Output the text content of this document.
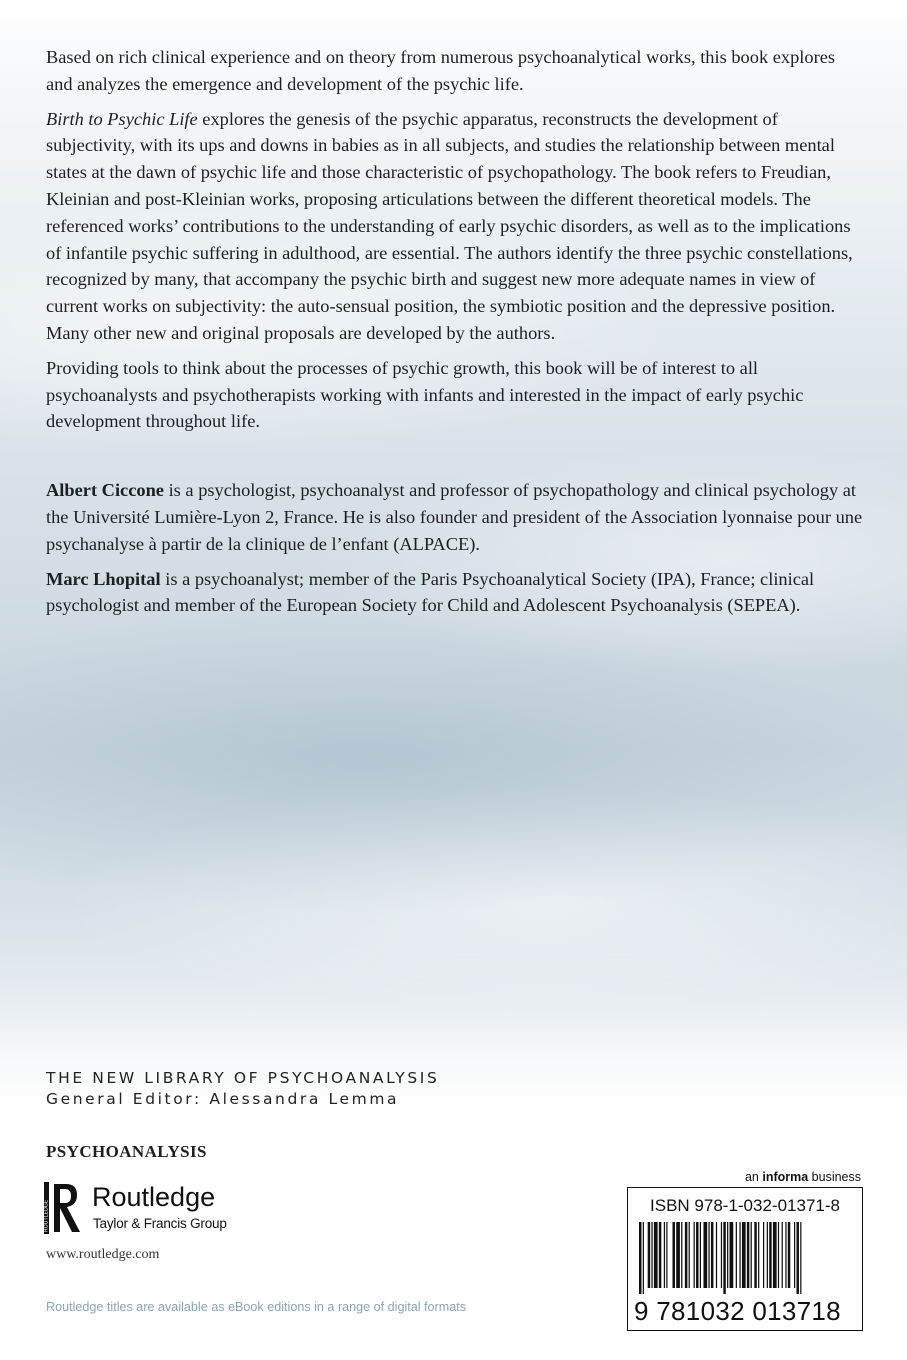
Based on rich clinical experience and on theory from numerous psychoanalytical works, this book explores and analyzes the emergence and development of the psychic life.

Birth to Psychic Life explores the genesis of the psychic apparatus, reconstructs the development of subjectivity, with its ups and downs in babies as in all subjects, and studies the relationship between mental states at the dawn of psychic life and those characteristic of psychopathology. The book refers to Freudian, Kleinian and post-Kleinian works, proposing articulations between the different theoretical models. The referenced works’ contributions to the understanding of early psychic disorders, as well as to the implications of infantile psychic suffering in adulthood, are essential. The authors identify the three psychic constellations, recognized by many, that accompany the psychic birth and suggest new more adequate names in view of current works on subjectivity: the auto-sensual position, the symbiotic position and the depressive position. Many other new and original proposals are developed by the authors.

Providing tools to think about the processes of psychic growth, this book will be of interest to all psychoanalysts and psychotherapists working with infants and interested in the impact of early psychic development throughout life.

Albert Ciccone is a psychologist, psychoanalyst and professor of psychopathology and clinical psychology at the Université Lumière-Lyon 2, France. He is also founder and president of the Association lyonnaise pour une psychanalyse à partir de la clinique de l’enfant (ALPACE).

Marc Lhopital is a psychoanalyst; member of the Paris Psychoanalytical Society (IPA), France; clinical psychologist and member of the European Society for Child and Adolescent Psychoanalysis (SEPEA).

THE NEW LIBRARY OF PSYCHOANALYSIS
General Editor: Alessandra Lemma
PSYCHOANALYSIS
ROUTLEDGE
Routledge
Taylor & Francis Group
www.routledge.com
Routledge titles are available as eBook editions in a range of digital formats
an informa business
ISBN 978-1-032-01371-8
9 781032 013718
